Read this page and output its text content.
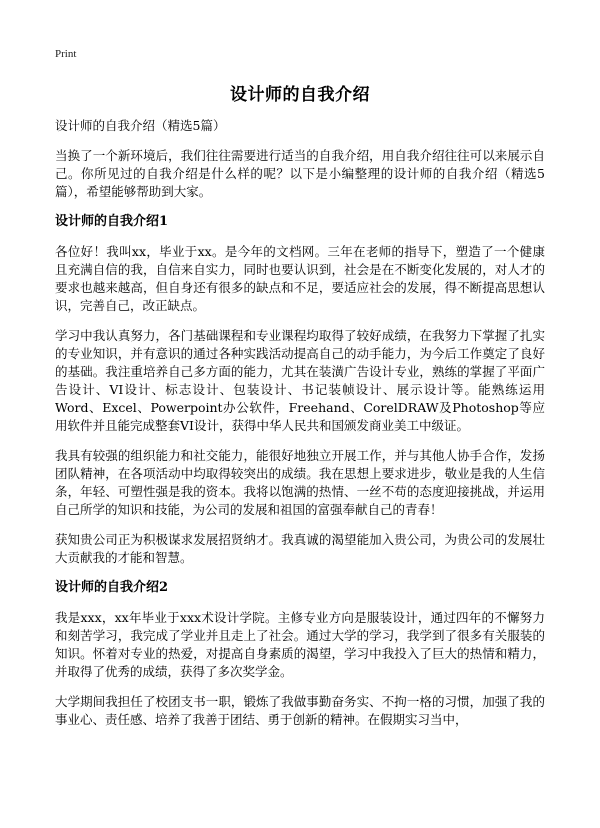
Print
设计师的自我介绍
设计师的自我介绍（精选5篇）

当换了一个新环境后，我们往往需要进行适当的自我介绍，用自我介绍往往可以来展示自己。你所见过的自我介绍是什么样的呢？以下是小编整理的设计师的自我介绍（精选5篇），希望能够帮助到大家。

设计师的自我介绍1

各位好！我叫xx，毕业于xx。是今年的文档网。三年在老师的指导下，塑造了一个健康且充满自信的我，自信来自实力，同时也要认识到，社会是在不断变化发展的，对人才的要求也越来越高，但自身还有很多的缺点和不足，要适应社会的发展，得不断提高思想认识，完善自己，改正缺点。

学习中我认真努力，各门基础课程和专业课程均取得了较好成绩，在我努力下掌握了扎实的专业知识，并有意识的通过各种实践活动提高自己的动手能力，为今后工作奠定了良好的基础。我注重培养自己多方面的能力，尤其在装潢广告设计专业，熟练的掌握了平面广告设计、VI设计、标志设计、包装设计、书记装帧设计、展示设计等。能熟练运用Word、Excel、Powerpoint办公软件，Freehand、CorelDRAW及Photoshop等应用软件并且能完成整套VI设计，获得中华人民共和国颁发商业美工中级证。

我具有较强的组织能力和社交能力，能很好地独立开展工作，并与其他人协手合作，发扬团队精神，在各项活动中均取得较突出的成绩。我在思想上要求进步，敬业是我的人生信条，年轻、可塑性强是我的资本。我将以饱满的热情、一丝不苟的态度迎接挑战，并运用自己所学的知识和技能，为公司的发展和祖国的富强奉献自己的青春！

获知贵公司正为积极谋求发展招贤纳才。我真诚的渴望能加入贵公司，为贵公司的发展壮大贡献我的才能和智慧。

设计师的自我介绍2

我是xxx，xx年毕业于xxx术设计学院。主修专业方向是服装设计，通过四年的不懈努力和刻苦学习，我完成了学业并且走上了社会。通过大学的学习，我学到了很多有关服装的知识。怀着对专业的热爱，对提高自身素质的渴望，学习中我投入了巨大的热情和精力，并取得了优秀的成绩，获得了多次奖学金。

大学期间我担任了校团支书一职，锻炼了我做事勤奋务实、不拘一格的习惯，加强了我的事业心、责任感、培养了我善于团结、勇于创新的精神。在假期实习当中，
